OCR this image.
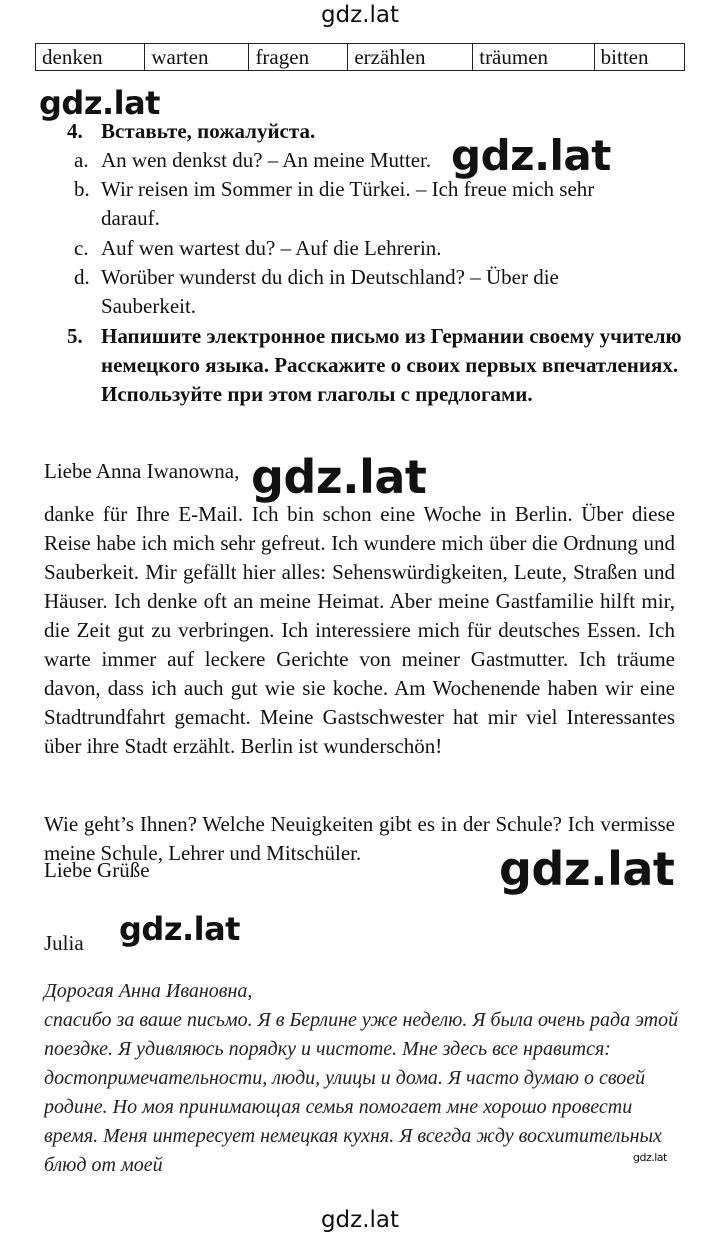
gdz.lat
denken	warten	fragen	erzählen	träumen	bitten
4. Вставьте, пожалуйста.
a. An wen denkst du? – An meine Mutter.
b. Wir reisen im Sommer in die Türkei. – Ich freue mich sehr darauf.
c. Auf wen wartest du? – Auf die Lehrerin.
d. Worüber wunderst du dich in Deutschland? – Über die Sauberkeit.
5. Напишите электронное письмо из Германии своему учителю немецкого языка. Расскажите о своих первых впечатлениях. Используйте при этом глаголы с предлогами.
Liebe Anna Iwanowna,
danke für Ihre E-Mail. Ich bin schon eine Woche in Berlin. Über diese Reise habe ich mich sehr gefreut. Ich wundere mich über die Ordnung und Sauberkeit. Mir gefällt hier alles: Sehenswürdigkeiten, Leute, Straßen und Häuser. Ich denke oft an meine Heimat. Aber meine Gastfamilie hilft mir, die Zeit gut zu verbringen. Ich interessiere mich für deutsches Essen. Ich warte immer auf leckere Gerichte von meiner Gastmutter. Ich träume davon, dass ich auch gut wie sie koche. Am Wochenende haben wir eine Stadtrundfahrt gemacht. Meine Gastschwester hat mir viel Interessantes über ihre Stadt erzählt. Berlin ist wunderschön!
Wie geht’s Ihnen? Welche Neuigkeiten gibt es in der Schule? Ich vermisse meine Schule, Lehrer und Mitschüler.
Liebe Grüße
Julia
Дорогая Анна Ивановна,
спасибо за ваше письмо. Я в Берлине уже неделю. Я была очень рада этой поездке. Я удивляюсь порядку и чистоте. Мне здесь все нравится: достопримечательности, люди, улицы и дома. Я часто думаю о своей родине. Но моя принимающая семья помогает мне хорошо провести время. Меня интересует немецкая кухня. Я всегда жду восхитительных блюд от моей
gdz.lat
gdz.lat
gdz.lat
gdz.lat
gdz.lat
gdz.lat
gdz.lat
